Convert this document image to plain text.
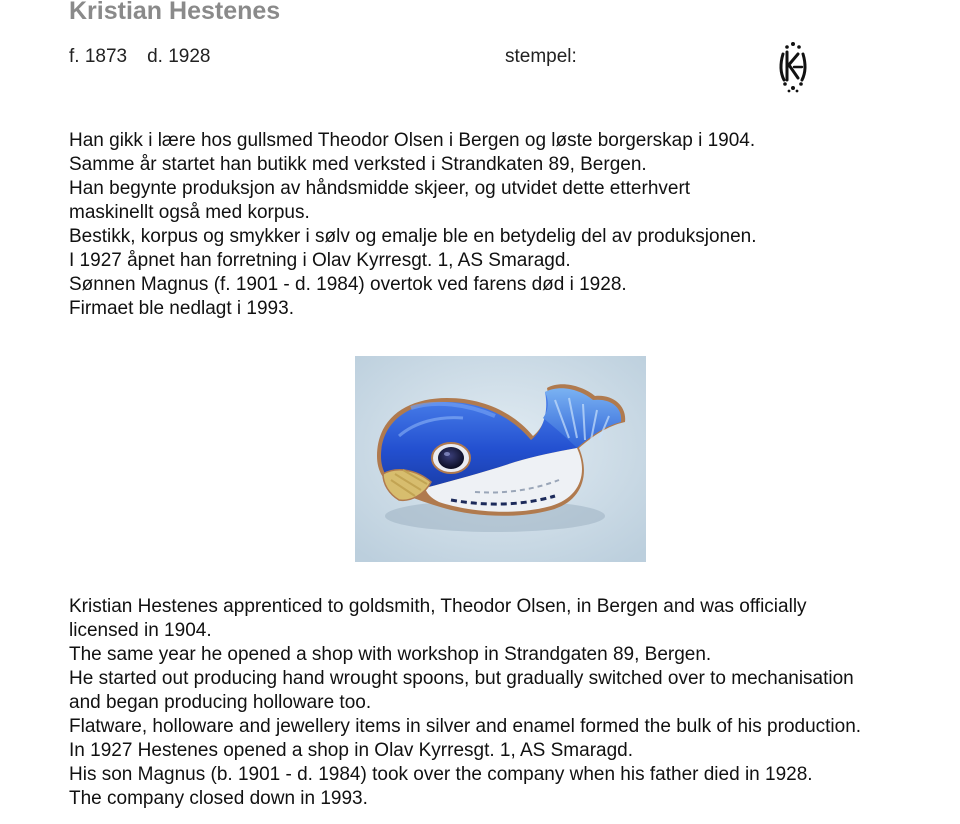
Kristian Hestenes
f. 1873 d. 1928	stempel:
Han gikk i lære hos gullsmed Theodor Olsen i Bergen og løste borgerskap i 1904.
Samme år startet han butikk med verksted i Strandkaten 89, Bergen.
Han begynte produksjon av håndsmidde skjeer, og utvidet dette etterhvert
maskinellt også med korpus.
Bestikk, korpus og smykker i sølv og emalje ble en betydelig del av produksjonen.
I 1927 åpnet han forretning i Olav Kyrresgt. 1, AS Smaragd.
Sønnen Magnus (f. 1901 - d. 1984) overtok ved farens død i 1928.
Firmaet ble nedlagt i 1993.
Kristian Hestenes apprenticed to goldsmith, Theodor Olsen, in Bergen and was officially
licensed in 1904.
The same year he opened a shop with workshop in Strandgaten 89, Bergen.
He started out producing hand wrought spoons, but gradually switched over to mechanisation
and began producing holloware too.
Flatware, holloware and jewellery items in silver and enamel formed the bulk of his production.
In 1927 Hestenes opened a shop in Olav Kyrresgt. 1, AS Smaragd.
His son Magnus (b. 1901 - d. 1984) took over the company when his father died in 1928.
The company closed down in 1993.
